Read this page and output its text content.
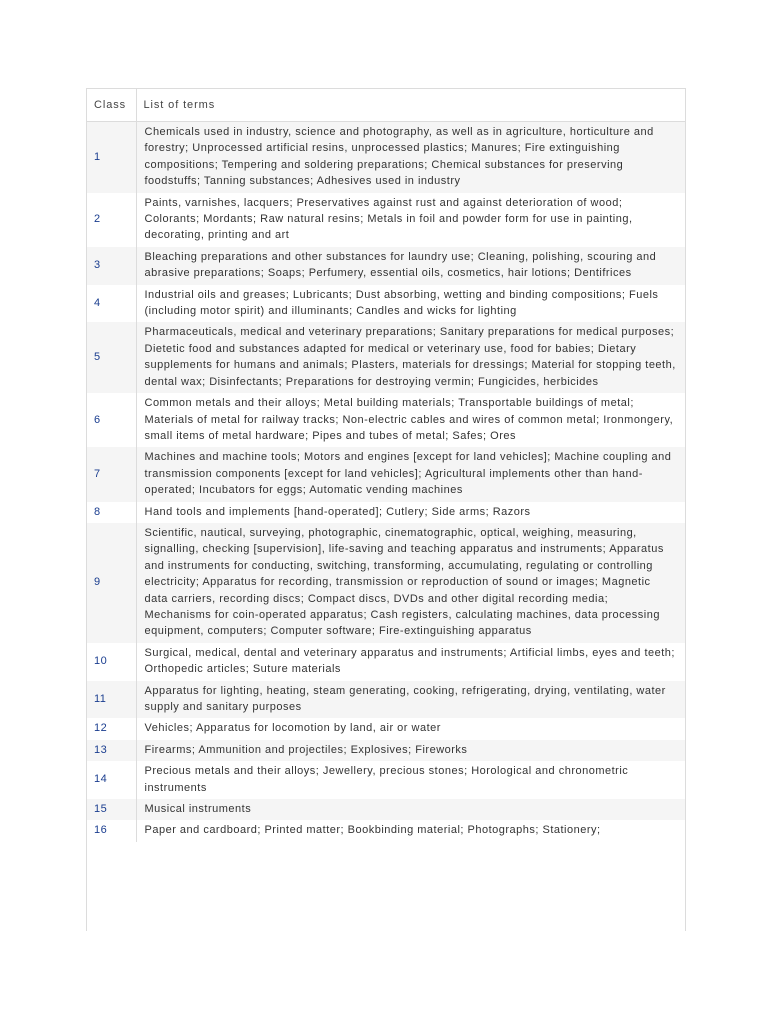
Class	List of terms
1	Chemicals used in industry, science and photography, as well as in agriculture, horticulture and forestry; Unprocessed artificial resins, unprocessed plastics; Manures; Fire extinguishing compositions; Tempering and soldering preparations; Chemical substances for preserving foodstuffs; Tanning substances; Adhesives used in industry
2	Paints, varnishes, lacquers; Preservatives against rust and against deterioration of wood; Colorants; Mordants; Raw natural resins; Metals in foil and powder form for use in painting, decorating, printing and art
3	Bleaching preparations and other substances for laundry use; Cleaning, polishing, scouring and abrasive preparations; Soaps; Perfumery, essential oils, cosmetics, hair lotions; Dentifrices
4	Industrial oils and greases; Lubricants; Dust absorbing, wetting and binding compositions; Fuels (including motor spirit) and illuminants; Candles and wicks for lighting
5	Pharmaceuticals, medical and veterinary preparations; Sanitary preparations for medical purposes; Dietetic food and substances adapted for medical or veterinary use, food for babies; Dietary supplements for humans and animals; Plasters, materials for dressings; Material for stopping teeth, dental wax; Disinfectants; Preparations for destroying vermin; Fungicides, herbicides
6	Common metals and their alloys; Metal building materials; Transportable buildings of metal; Materials of metal for railway tracks; Non-electric cables and wires of common metal; Ironmongery, small items of metal hardware; Pipes and tubes of metal; Safes; Ores
7	Machines and machine tools; Motors and engines [except for land vehicles]; Machine coupling and transmission components [except for land vehicles]; Agricultural implements other than hand-operated; Incubators for eggs; Automatic vending machines
8	Hand tools and implements [hand-operated]; Cutlery; Side arms; Razors
9	Scientific, nautical, surveying, photographic, cinematographic, optical, weighing, measuring, signalling, checking [supervision], life-saving and teaching apparatus and instruments; Apparatus and instruments for conducting, switching, transforming, accumulating, regulating or controlling electricity; Apparatus for recording, transmission or reproduction of sound or images; Magnetic data carriers, recording discs; Compact discs, DVDs and other digital recording media; Mechanisms for coin-operated apparatus; Cash registers, calculating machines, data processing equipment, computers; Computer software; Fire-extinguishing apparatus
10	Surgical, medical, dental and veterinary apparatus and instruments; Artificial limbs, eyes and teeth; Orthopedic articles; Suture materials
11	Apparatus for lighting, heating, steam generating, cooking, refrigerating, drying, ventilating, water supply and sanitary purposes
12	Vehicles; Apparatus for locomotion by land, air or water
13	Firearms; Ammunition and projectiles; Explosives; Fireworks
14	Precious metals and their alloys; Jewellery, precious stones; Horological and chronometric instruments
15	Musical instruments
16	Paper and cardboard; Printed matter; Bookbinding material; Photographs; Stationery;
